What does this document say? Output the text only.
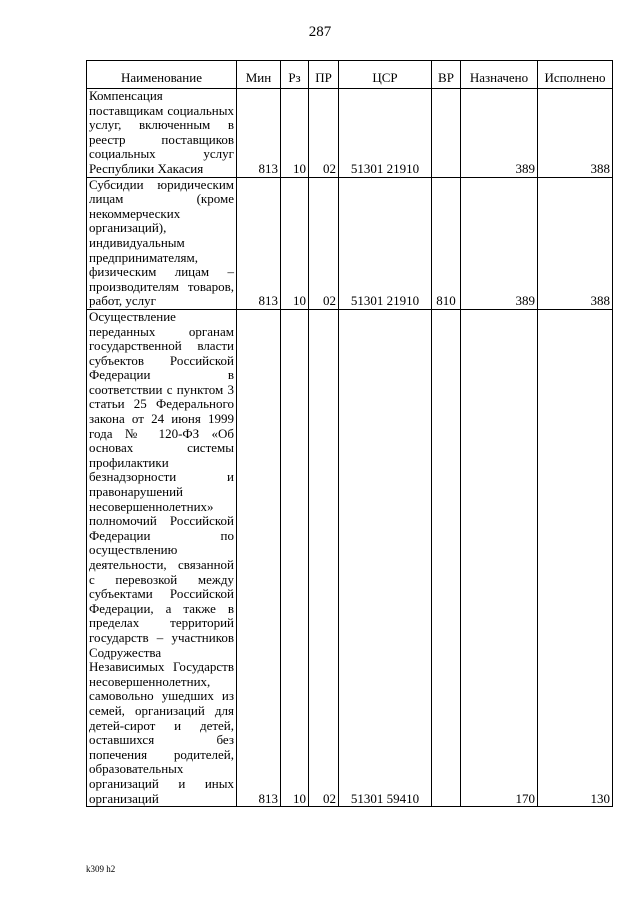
287
Наименование	Мин	Рз	ПР	ЦСР	ВР	Назначено	Исполнено
Компенсация поставщикам социальных услуг, включенным в реестр поставщиков социальных услуг Республики Хакасия	813	10	02	51301 21910		389	388
Субсидии юридическим лицам (кроме некоммерческих организаций), индивидуальным предпринимателям, физическим лицам – производителям товаров, работ, услуг	813	10	02	51301 21910	810	389	388
Осуществление переданных органам государственной власти субъектов Российской Федерации в соответствии с пунктом 3 статьи 25 Федерального закона от 24 июня 1999 года № 120-ФЗ «Об основах системы профилактики безнадзорности и правонарушений несовершеннолетних» полномочий Российской Федерации по осуществлению деятельности, связанной с перевозкой между субъектами Российской Федерации, а также в пределах территорий государств – участников Содружества Независимых Государств несовершеннолетних, самовольно ушедших из семей, организаций для детей-сирот и детей, оставшихся без попечения родителей, образовательных организаций и иных организаций	813	10	02	51301 59410		170	130
k309 h2
